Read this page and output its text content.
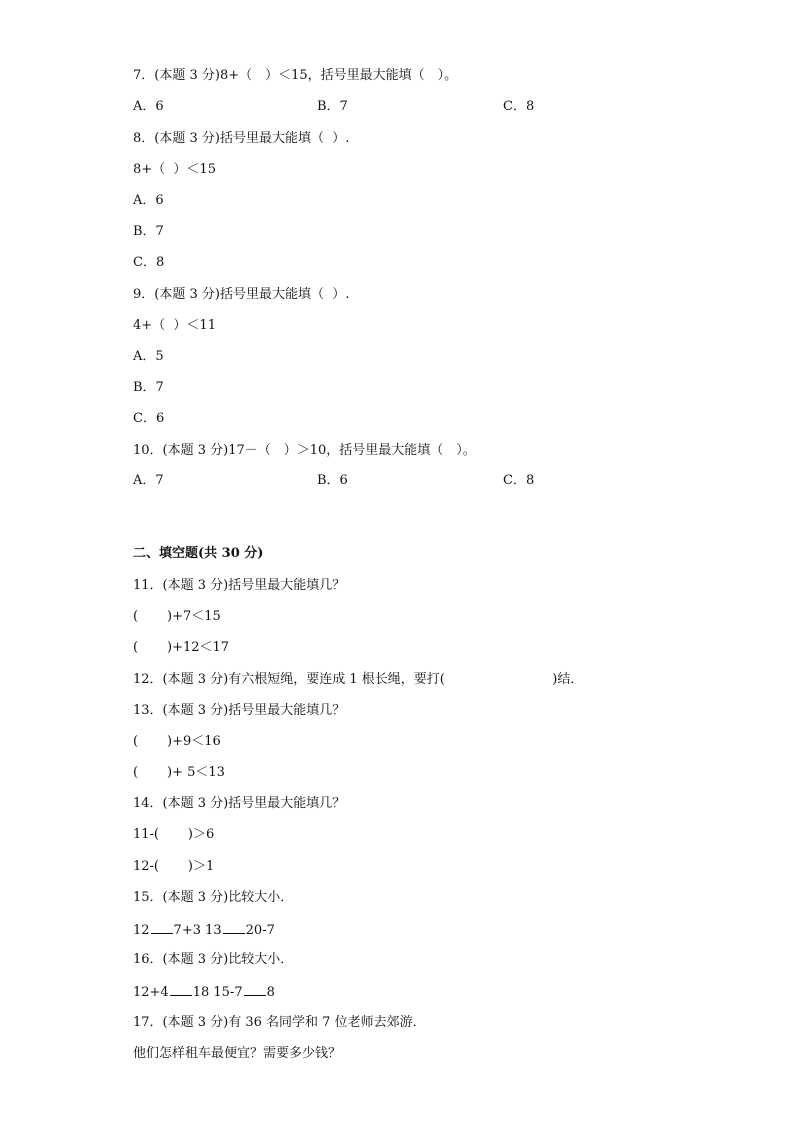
7．(本题 3 分)8+（　）＜15，括号里最大能填（　）。
A．6	B．7	C．8
8．(本题 3 分)括号里最大能填（  ）.
8+（  ）＜15
A．6
B．7
C．8
9．(本题 3 分)括号里最大能填（  ）.
4+（  ）＜11
A．5
B．7
C．6
10．(本题 3 分)17－（　）＞10，括号里最大能填（　）。
A．7	B．6	C．8
二、填空题(共 30 分)
11．(本题 3 分)括号里最大能填几？
(       )+7＜15
(       )+12＜17
12．(本题 3 分)有六根短绳，要连成 1 根长绳，要打(                          )结．
13．(本题 3 分)括号里最大能填几？
(       )+9＜16
(       )+ 5＜13
14．(本题 3 分)括号里最大能填几？
11-(       )＞6
12-(       )＞1
15．(本题 3 分)比较大小．
12 7+3 13 20-7
16．(本题 3 分)比较大小．
12+4 18 15-7 8
17．(本题 3 分)有 36 名同学和 7 位老师去郊游．
他们怎样租车最便宜？需要多少钱？
